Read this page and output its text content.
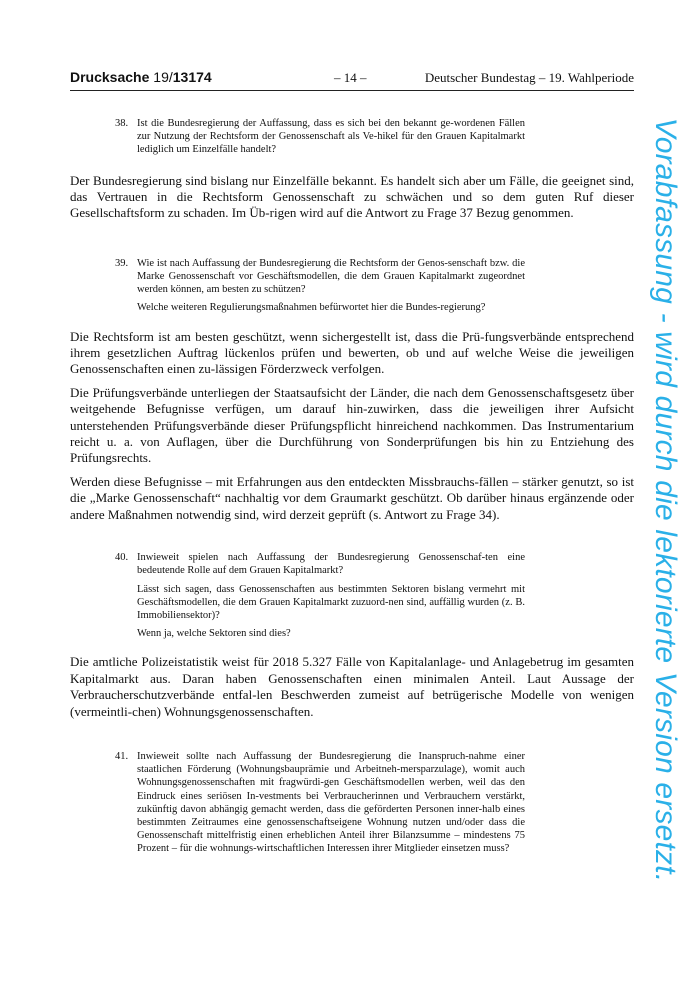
Drucksache 19/13174	– 14 –	Deutscher Bundestag – 19. Wahlperiode
38. Ist die Bundesregierung der Auffassung, dass es sich bei den bekannt ge-wordenen Fällen zur Nutzung der Rechtsform der Genossenschaft als Ve-hikel für den Grauen Kapitalmarkt lediglich um Einzelfälle handelt?

Der Bundesregierung sind bislang nur Einzelfälle bekannt. Es handelt sich aber um Fälle, die geeignet sind, das Vertrauen in die Rechtsform Genossenschaft zu schwächen und so dem guten Ruf dieser Gesellschaftsform zu schaden. Im Üb-rigen wird auf die Antwort zu Frage 37 Bezug genommen.

39. Wie ist nach Auffassung der Bundesregierung die Rechtsform der Genos-senschaft bzw. die Marke Genossenschaft vor Geschäftsmodellen, die dem Grauen Kapitalmarkt zugeordnet werden können, am besten zu schützen?

Welche weiteren Regulierungsmaßnahmen befürwortet hier die Bundes-regierung?

Die Rechtsform ist am besten geschützt, wenn sichergestellt ist, dass die Prü-fungsverbände entsprechend ihrem gesetzlichen Auftrag lückenlos prüfen und bewerten, ob und auf welche Weise die jeweiligen Genossenschaften einen zu-lässigen Förderzweck verfolgen.

Die Prüfungsverbände unterliegen der Staatsaufsicht der Länder, die nach dem Genossenschaftsgesetz über weitgehende Befugnisse verfügen, um darauf hin-zuwirken, dass die jeweiligen ihrer Aufsicht unterstehenden Prüfungsverbände dieser Prüfungspflicht hinreichend nachkommen. Das Instrumentarium reicht u. a. von Auflagen, über die Durchführung von Sonderprüfungen bis hin zu Entziehung des Prüfungsrechts.

Werden diese Befugnisse – mit Erfahrungen aus den entdeckten Missbrauchs-fällen – stärker genutzt, so ist die „Marke Genossenschaft“ nachhaltig vor dem Graumarkt geschützt. Ob darüber hinaus ergänzende oder andere Maßnahmen notwendig sind, wird derzeit geprüft (s. Antwort zu Frage 34).

40. Inwieweit spielen nach Auffassung der Bundesregierung Genossenschaf-ten eine bedeutende Rolle auf dem Grauen Kapitalmarkt?

Lässt sich sagen, dass Genossenschaften aus bestimmten Sektoren bislang vermehrt mit Geschäftsmodellen, die dem Grauen Kapitalmarkt zuzuord-nen sind, auffällig wurden (z. B. Immobiliensektor)?

Wenn ja, welche Sektoren sind dies?

Die amtliche Polizeistatistik weist für 2018 5.327 Fälle von Kapitalanlage- und Anlagebetrug im gesamten Kapitalmarkt aus. Daran haben Genossenschaften einen minimalen Anteil. Laut Aussage der Verbraucherschutzverbände entfal-len Beschwerden zumeist auf betrügerische Modelle von wenigen (vermeintli-chen) Wohnungsgenossenschaften.

41. Inwieweit sollte nach Auffassung der Bundesregierung die Inanspruch-nahme einer staatlichen Förderung (Wohnungsbauprämie und Arbeitneh-mersparzulage), womit auch Wohnungsgenossenschaften mit fragwürdi-gen Geschäftsmodellen werben, weil das den Eindruck eines seriösen In-vestments bei Verbraucherinnen und Verbrauchern verstärkt, zukünftig davon abhängig gemacht werden, dass die geförderten Personen inner-halb eines bestimmten Zeitraumes eine genossenschaftseigene Wohnung nutzen und/oder dass die Genossenschaft mittelfristig einen erheblichen Anteil ihrer Bilanzsumme – mindestens 75 Prozent – für die wohnungs-wirtschaftlichen Interessen ihrer Mitglieder einsetzen muss?	Vorabfassung - wird durch die lektorierte Version ersetzt.
